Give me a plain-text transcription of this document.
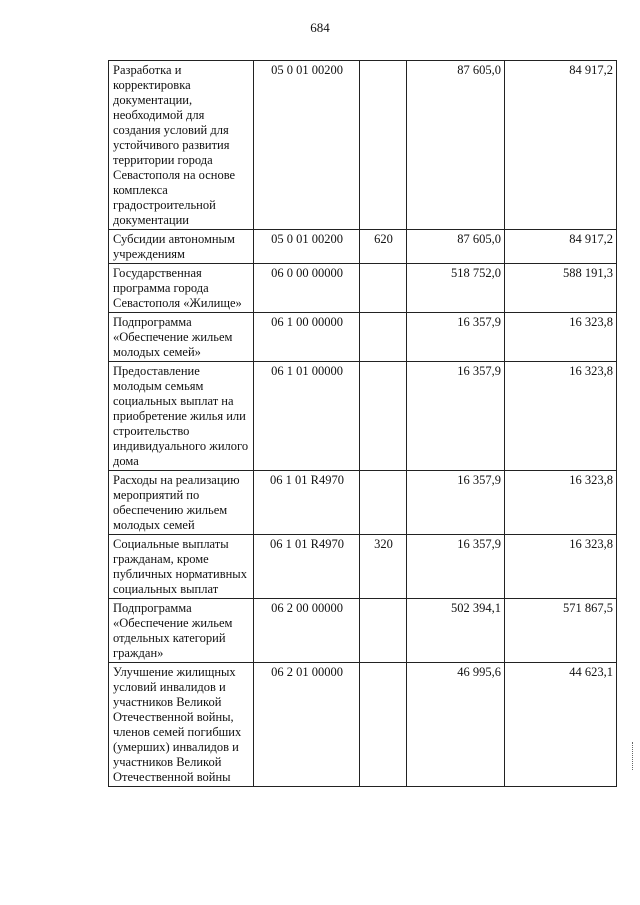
684
Разработка и корректировка документации, необходимой для создания условий для устойчивого развития территории города Севастополя на основе комплекса градостроительной документации	05 0 01 00200		87 605,0	84 917,2
Субсидии автономным учреждениям	05 0 01 00200	620	87 605,0	84 917,2
Государственная программа города Севастополя «Жилище»	06 0 00 00000		518 752,0	588 191,3
Подпрограмма «Обеспечение жильем молодых семей»	06 1 00 00000		16 357,9	16 323,8
Предоставление молодым семьям социальных выплат на приобретение жилья или строительство индивидуального жилого дома	06 1 01 00000		16 357,9	16 323,8
Расходы на реализацию мероприятий по обеспечению жильем молодых семей	06 1 01 R4970		16 357,9	16 323,8
Социальные выплаты гражданам, кроме публичных нормативных социальных выплат	06 1 01 R4970	320	16 357,9	16 323,8
Подпрограмма «Обеспечение жильем отдельных категорий граждан»	06 2 00 00000		502 394,1	571 867,5
Улучшение жилищных условий инвалидов и участников Великой Отечественной войны, членов семей погибших (умерших) инвалидов и участников Великой Отечественной войны	06 2 01 00000		46 995,6	44 623,1
